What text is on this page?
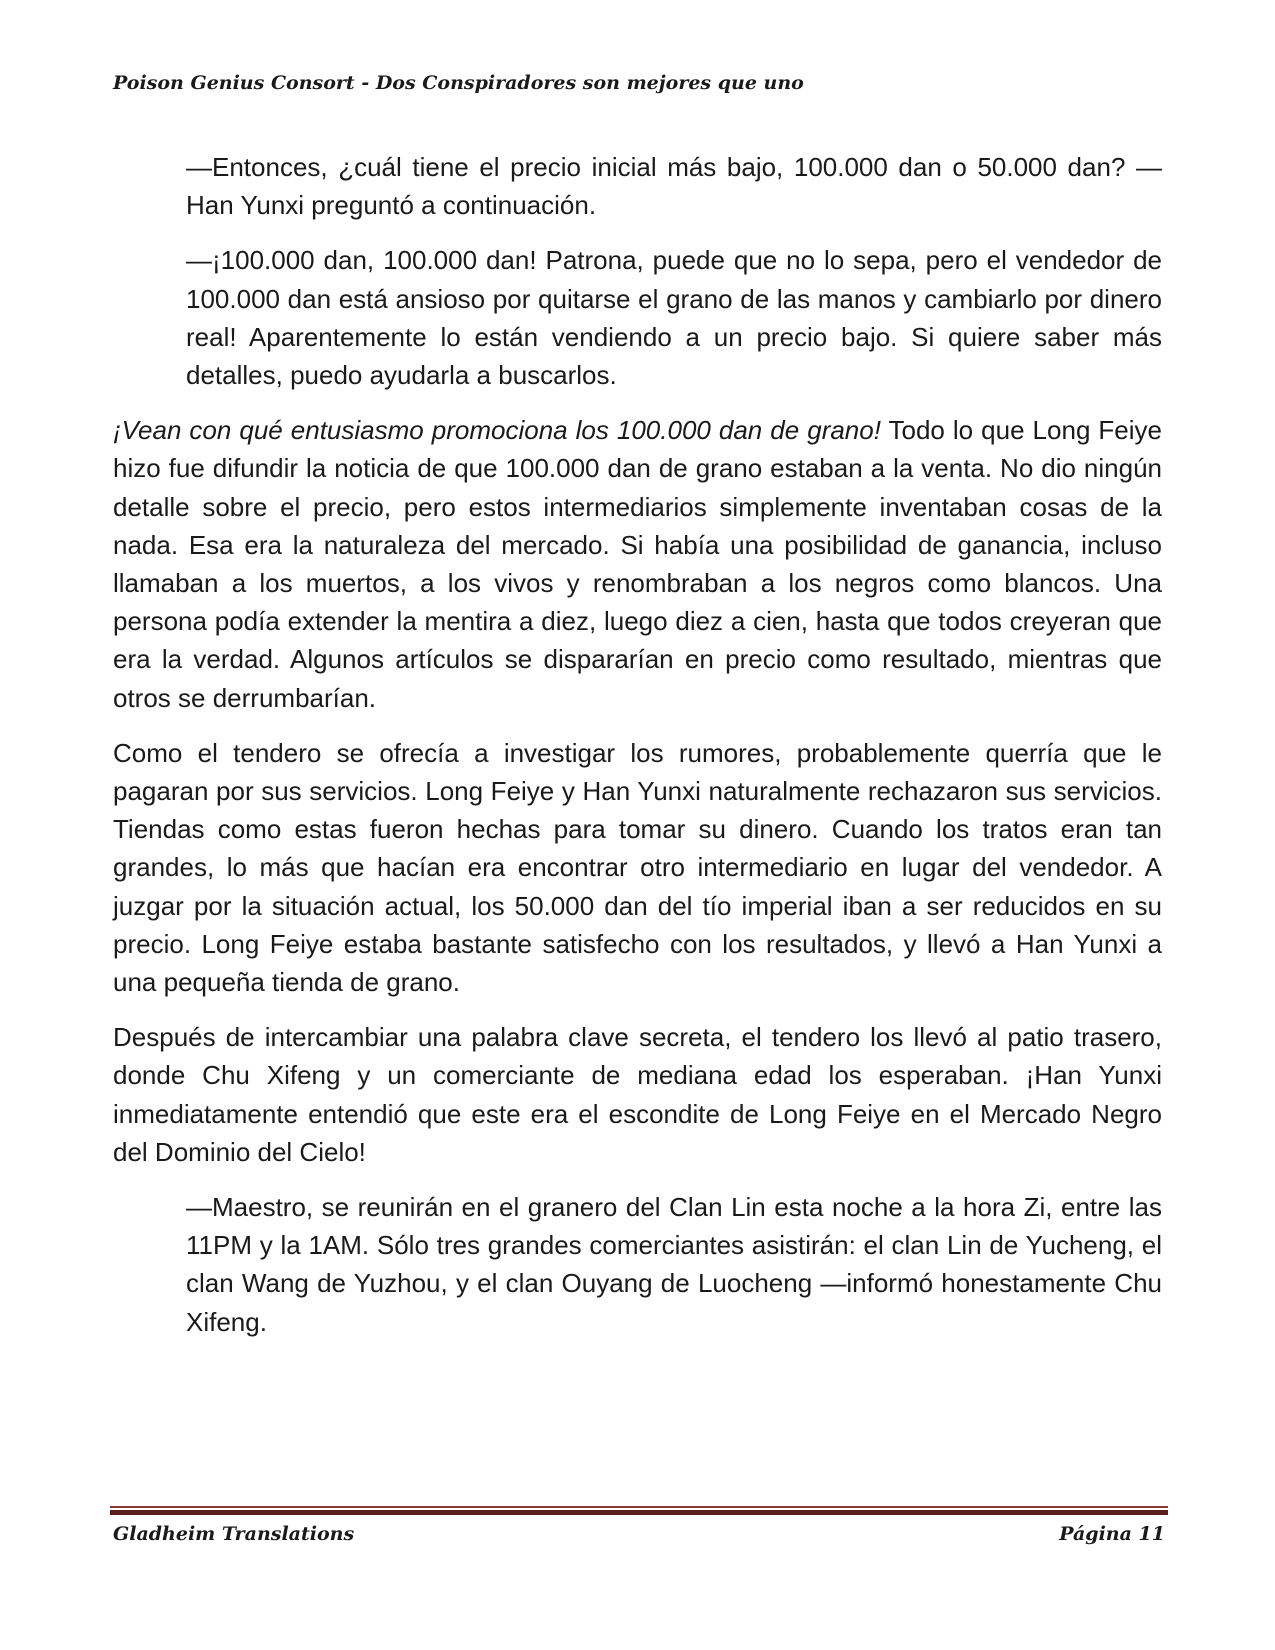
Poison Genius Consort - Dos Conspiradores son mejores que uno

—Entonces, ¿cuál tiene el precio inicial más bajo, 100.000 dan o 50.000 dan? —Han Yunxi preguntó a continuación.

—¡100.000 dan, 100.000 dan! Patrona, puede que no lo sepa, pero el vendedor de 100.000 dan está ansioso por quitarse el grano de las manos y cambiarlo por dinero real! Aparentemente lo están vendiendo a un precio bajo. Si quiere saber más detalles, puedo ayudarla a buscarlos.

¡Vean con qué entusiasmo promociona los 100.000 dan de grano! Todo lo que Long Feiye hizo fue difundir la noticia de que 100.000 dan de grano estaban a la venta. No dio ningún detalle sobre el precio, pero estos intermediarios simplemente inventaban cosas de la nada. Esa era la naturaleza del mercado. Si había una posibilidad de ganancia, incluso llamaban a los muertos, a los vivos y renombraban a los negros como blancos. Una persona podía extender la mentira a diez, luego diez a cien, hasta que todos creyeran que era la verdad. Algunos artículos se dispararían en precio como resultado, mientras que otros se derrumbarían.

Como el tendero se ofrecía a investigar los rumores, probablemente querría que le pagaran por sus servicios. Long Feiye y Han Yunxi naturalmente rechazaron sus servicios. Tiendas como estas fueron hechas para tomar su dinero. Cuando los tratos eran tan grandes, lo más que hacían era encontrar otro intermediario en lugar del vendedor. A juzgar por la situación actual, los 50.000 dan del tío imperial iban a ser reducidos en su precio. Long Feiye estaba bastante satisfecho con los resultados, y llevó a Han Yunxi a una pequeña tienda de grano.

Después de intercambiar una palabra clave secreta, el tendero los llevó al patio trasero, donde Chu Xifeng y un comerciante de mediana edad los esperaban. ¡Han Yunxi inmediatamente entendió que este era el escondite de Long Feiye en el Mercado Negro del Dominio del Cielo!

—Maestro, se reunirán en el granero del Clan Lin esta noche a la hora Zi, entre las 11PM y la 1AM. Sólo tres grandes comerciantes asistirán: el clan Lin de Yucheng, el clan Wang de Yuzhou, y el clan Ouyang de Luocheng —informó honestamente Chu Xifeng.

Gladheim Translations	Página 11
